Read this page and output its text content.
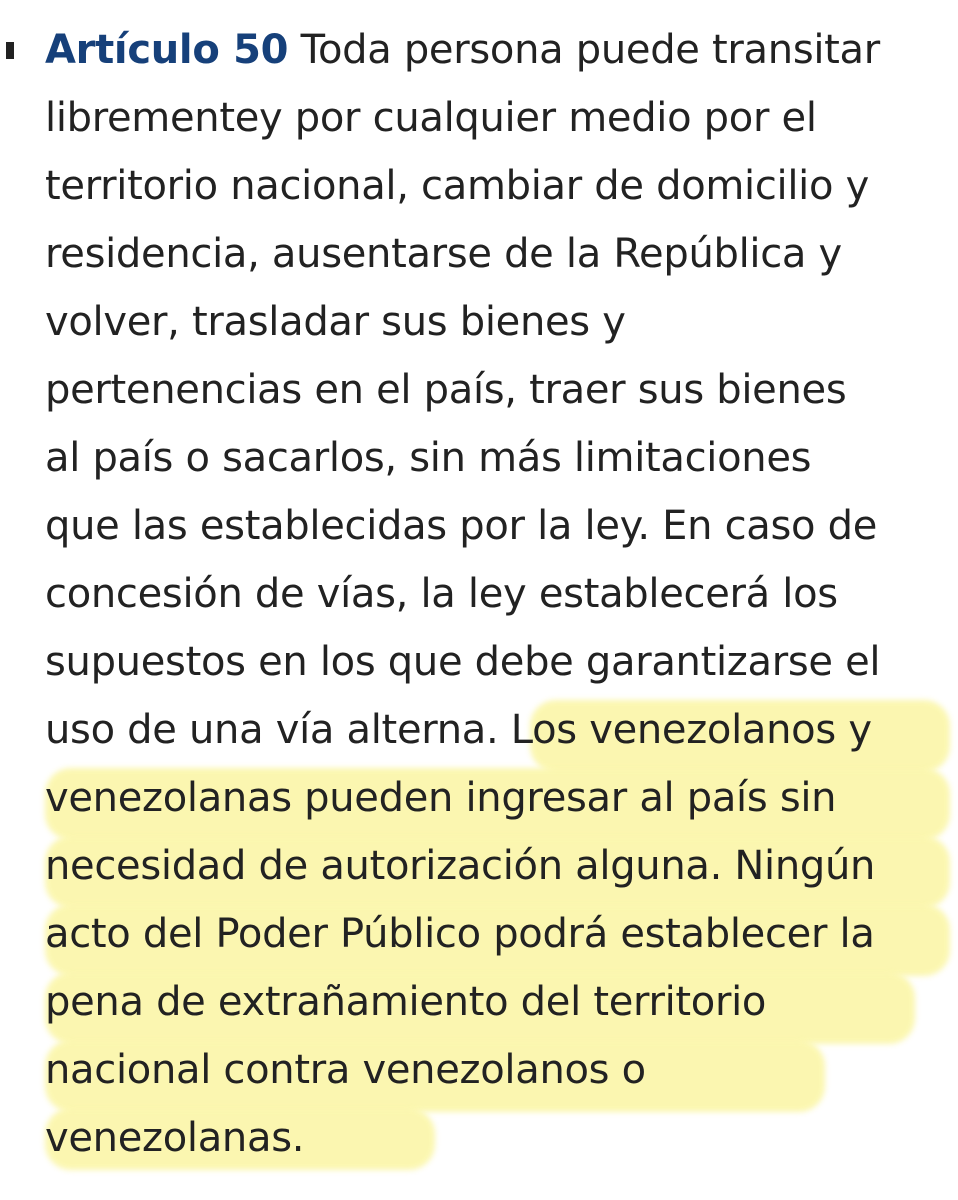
Artículo 50 Toda persona puede transitar
librementey por cualquier medio por el
territorio nacional, cambiar de domicilio y
residencia, ausentarse de la República y
volver, trasladar sus bienes y
pertenencias en el país, traer sus bienes
al país o sacarlos, sin más limitaciones
que las establecidas por la ley. En caso de
concesión de vías, la ley establecerá los
supuestos en los que debe garantizarse el
uso de una vía alterna. Los venezolanos y
venezolanas pueden ingresar al país sin
necesidad de autorización alguna. Ningún
acto del Poder Público podrá establecer la
pena de extrañamiento del territorio
nacional contra venezolanos o
venezolanas.
